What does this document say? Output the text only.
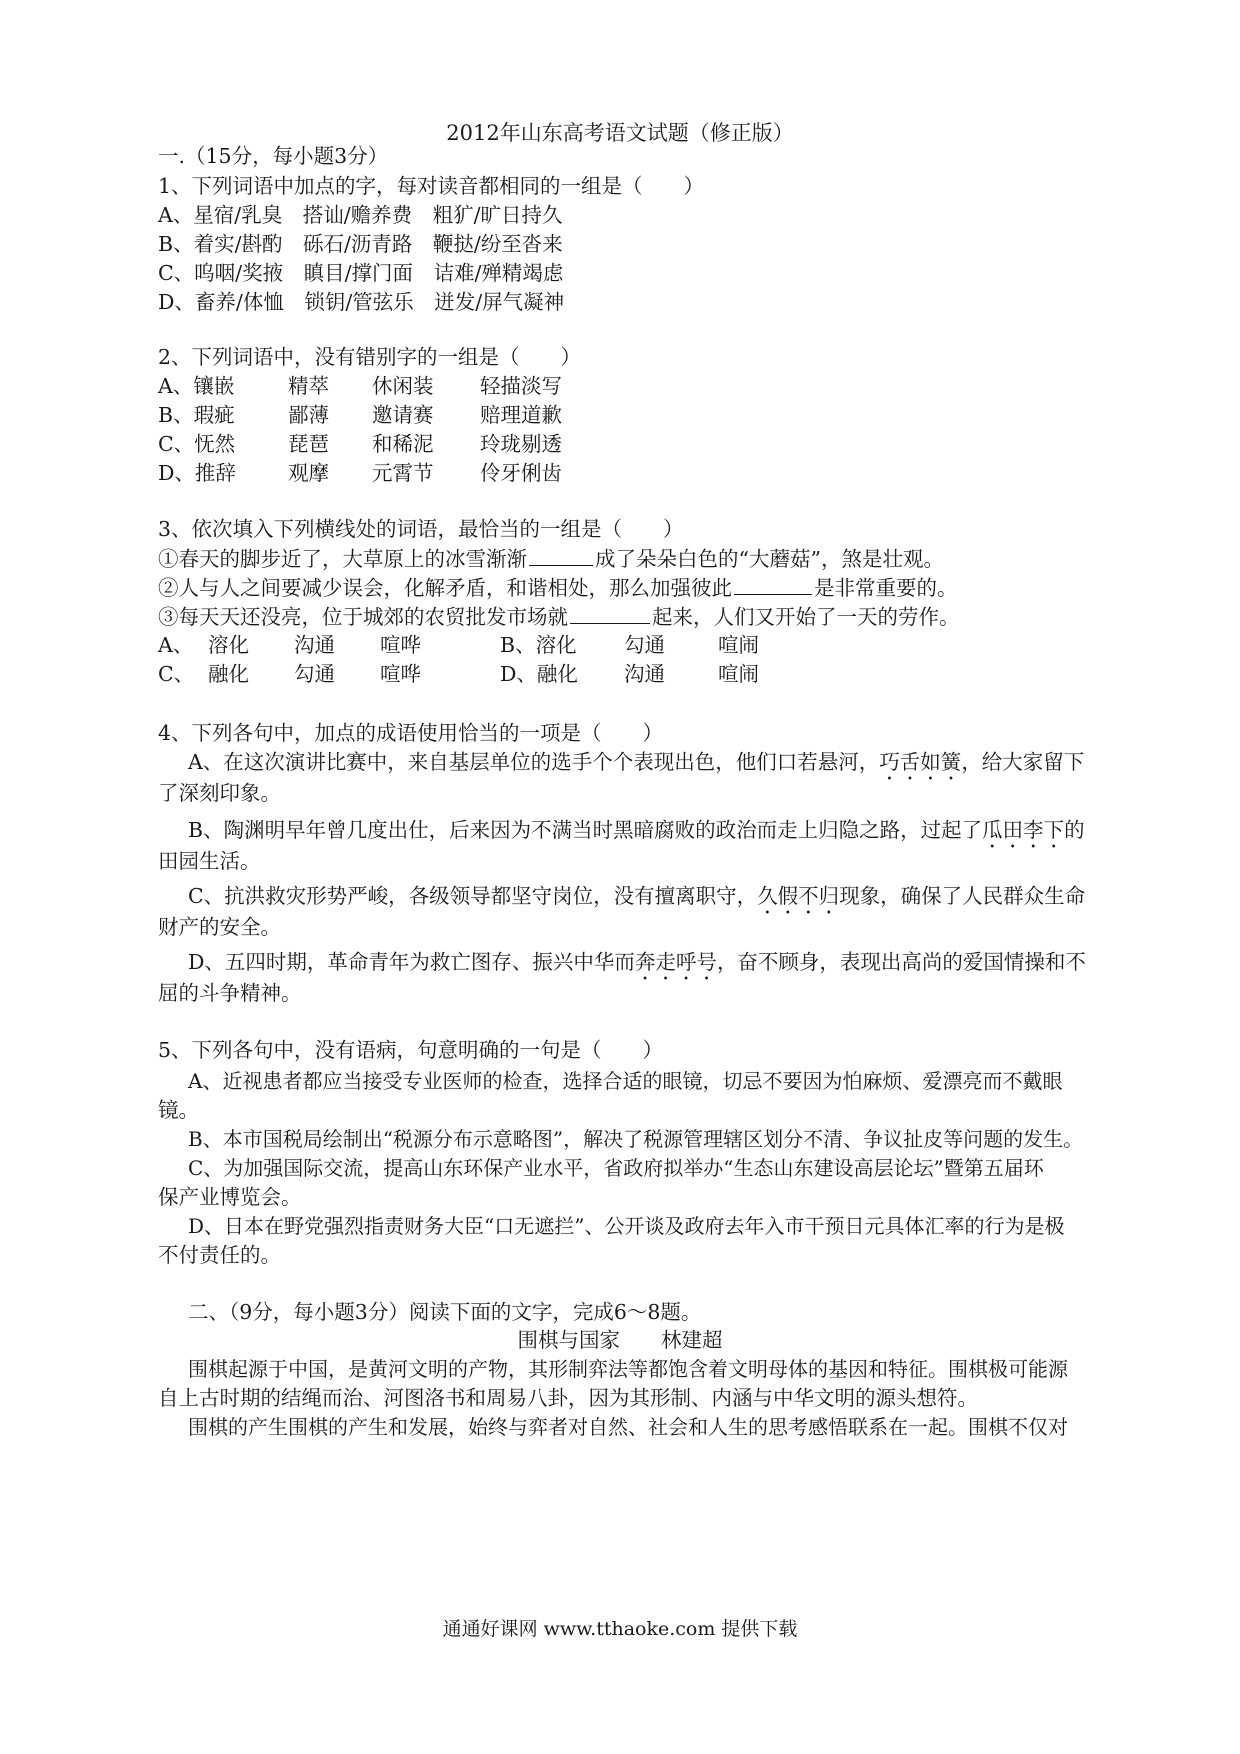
2012年山东高考语文试题（修正版）
一.（15分，每小题3分）
1、下列词语中加点的字，每对读音都相同的一组是（　　）
A、星宿/乳臭　搭讪/赡养费　粗犷/旷日持久
B、着实/斟酌　砾石/沥青路　鞭挞/纷至沓来
C、呜咽/奖掖　瞋目/撑门面　诘难/殚精竭虑
D、畜养/体恤　锁钥/管弦乐　迸发/屏气凝神
2、下列词语中，没有错别字的一组是（　　）
A、镶嵌	精萃 休闲装 轻描淡写
B、瑕疵	鄙薄 邀请赛 赔理道歉
C、怃然	琵琶 和稀泥 玲珑剔透
D、推辞	观摩 元霄节 伶牙俐齿
3、依次填入下列横线处的词语，最恰当的一组是（　　）
①春天的脚步近了，大草原上的冰雪渐渐	成了朵朵白色的“大蘑菇”，煞是壮观。
②人与人之间要减少误会，化解矛盾，和谐相处，那么加强彼此	是非常重要的。
③每天天还没亮，位于城郊的农贸批发市场就	起来，人们又开始了一天的劳作。
A、 溶化 沟通 喧哗	B、溶化 勾通	喧闹
C、 融化 勾通 喧哗	D、融化 沟通	喧闹
4、下列各句中，加点的成语使用恰当的一项是（　　）
A、在这次演讲比赛中，来自基层单位的选手个个表现出色，他们口若悬河，巧舌如簧，给大家留下
了深刻印象。
B、陶渊明早年曾几度出仕，后来因为不满当时黑暗腐败的政治而走上归隐之路，过起了瓜田李下的
田园生活。
C、抗洪救灾形势严峻，各级领导都坚守岗位，没有擅离职守，久假不归现象，确保了人民群众生命
财产的安全。
D、五四时期，革命青年为救亡图存、振兴中华而奔走呼号，奋不顾身，表现出高尚的爱国情操和不
屈的斗争精神。
5、下列各句中，没有语病，句意明确的一句是（　　）
A、近视患者都应当接受专业医师的检查，选择合适的眼镜，切忌不要因为怕麻烦、爱漂亮而不戴眼
镜。
B、本市国税局绘制出“税源分布示意略图”，解决了税源管理辖区划分不清、争议扯皮等问题的发生。
C、为加强国际交流，提高山东环保产业水平，省政府拟举办“生态山东建设高层论坛”暨第五届环
保产业博览会。
D、日本在野党强烈指责财务大臣“口无遮拦”、公开谈及政府去年入市干预日元具体汇率的行为是极
不付责任的。
二、（9分，每小题3分）阅读下面的文字，完成6～8题。
围棋与国家　　林建超
围棋起源于中国，是黄河文明的产物，其形制弈法等都饱含着文明母体的基因和特征。围棋极可能源
自上古时期的结绳而治、河图洛书和周易八卦，因为其形制、内涵与中华文明的源头想符。
围棋的产生围棋的产生和发展，始终与弈者对自然、社会和人生的思考感悟联系在一起。围棋不仅对
通通好课网 www.tthaoke.com 提供下载
